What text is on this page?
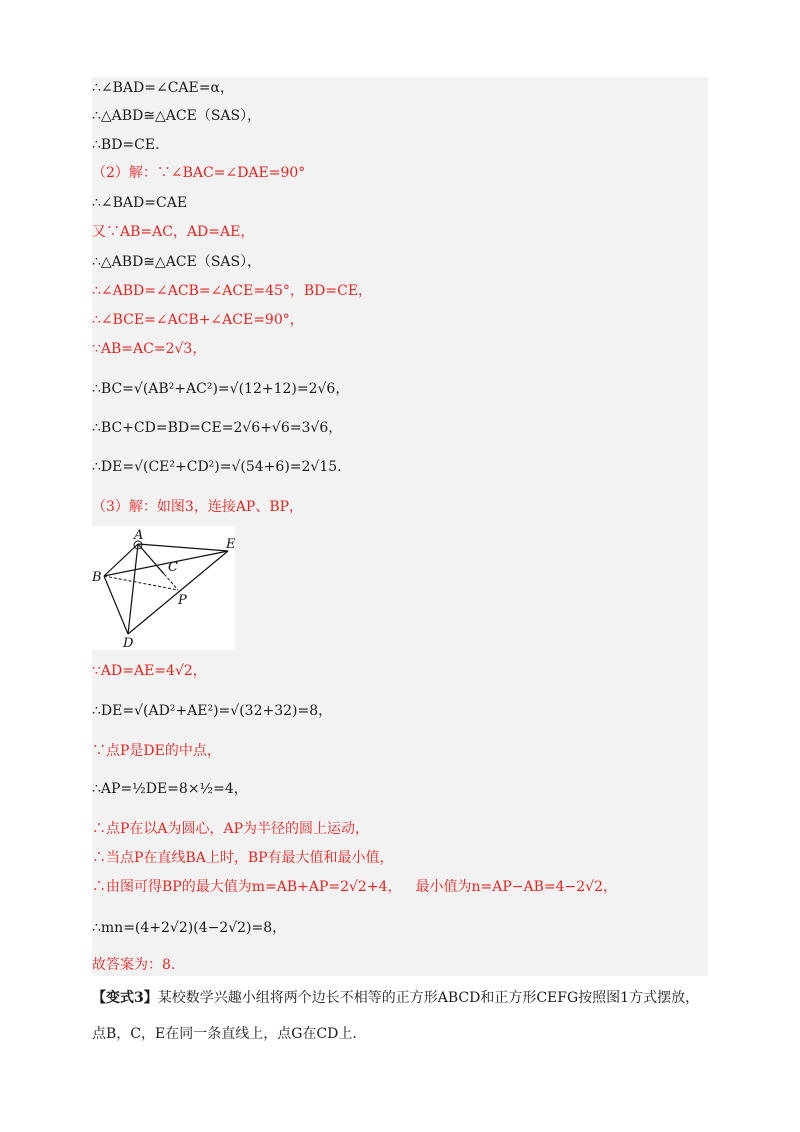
∴∠BAD=∠CAE=α，
∴△ABD≅△ACE（SAS），
∴BD=CE.
（2）解：∵∠BAC=∠DAE=90°
∴∠BAD=CAE
又∵AB=AC，AD=AE，
∴△ABD≅△ACE（SAS），
∴∠ABD=∠ACB=∠ACE=45°，BD=CE，
∴∠BCE=∠ACB+∠ACE=90°，
∵AB=AC=2√3，
∴BC=√(AB²+AC²)=√(12+12)=2√6，
∴BC+CD=BD=CE=2√6+√6=3√6，
∴DE=√(CE²+CD²)=√(54+6)=2√15.
（3）解：如图3，连接AP、BP，
A
B
C
D
E
P
∵AD=AE=4√2，
∴DE=√(AD²+AE²)=√(32+32)=8，
∵点P是DE的中点，
∴AP=½DE=8×½=4，
∴点P在以A为圆心，AP为半径的圆上运动，
∴当点P在直线BA上时，BP有最大值和最小值，
∴由图可得BP的最大值为m=AB+AP=2√2+4， 最小值为n=AP−AB=4−2√2，
∴mn=(4+2√2)(4−2√2)=8，
故答案为：8.
【变式3】某校数学兴趣小组将两个边长不相等的正方形ABCD和正方形CEFG按照图1方式摆放，
点B，C，E在同一条直线上，点G在CD上.
